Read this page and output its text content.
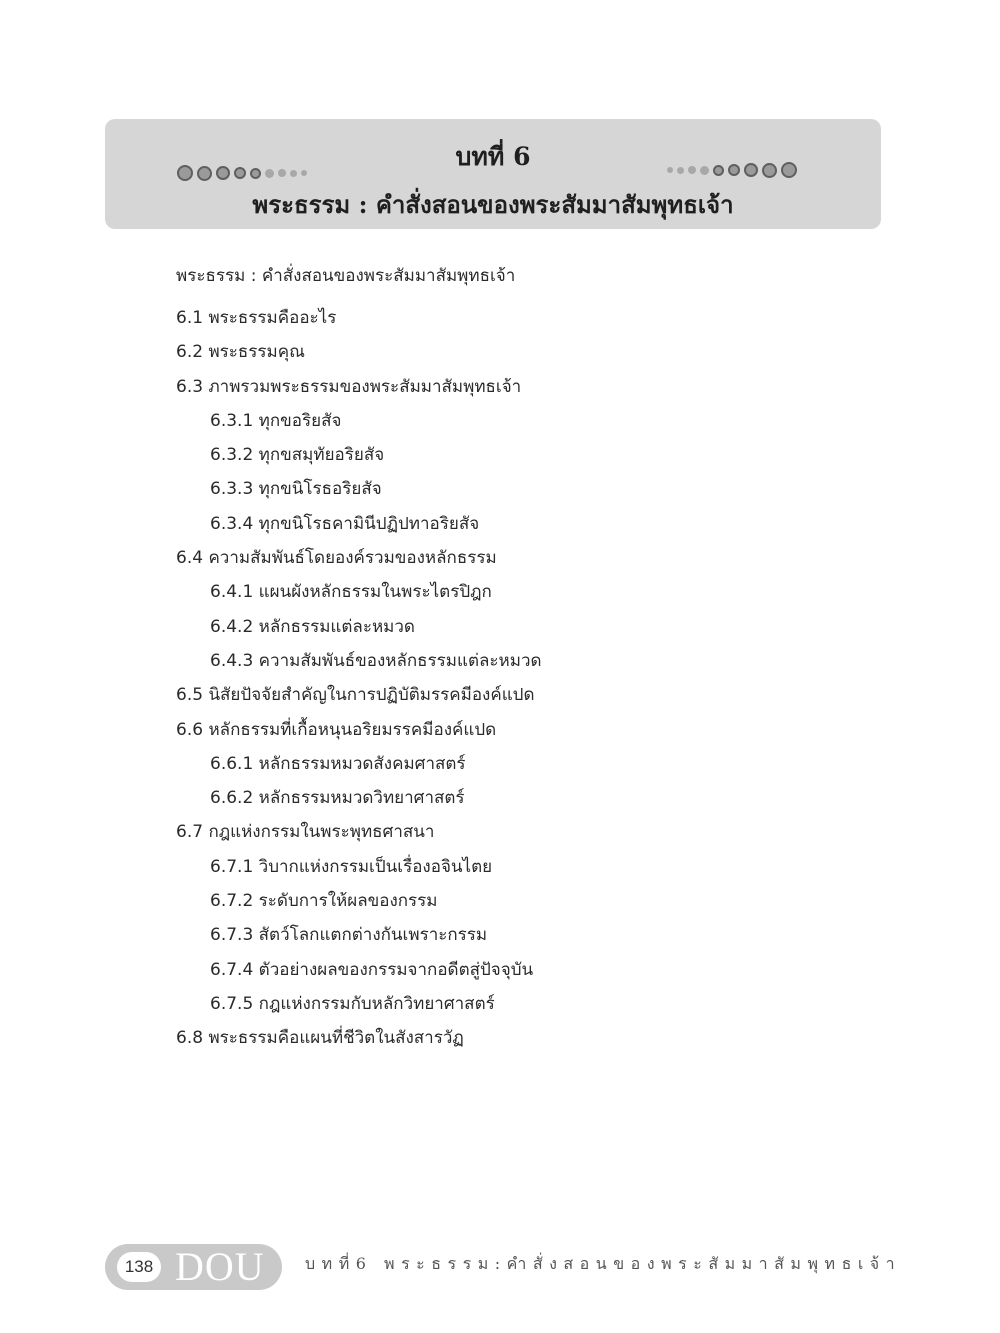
บทที่ 6
พระธรรม : คำสั่งสอนของพระสัมมาสัมพุทธเจ้า
พระธรรม : คำสั่งสอนของพระสัมมาสัมพุทธเจ้า
6.1 พระธรรมคืออะไร
6.2 พระธรรมคุณ
6.3 ภาพรวมพระธรรมของพระสัมมาสัมพุทธเจ้า
6.3.1 ทุกขอริยสัจ
6.3.2 ทุกขสมุทัยอริยสัจ
6.3.3 ทุกขนิโรธอริยสัจ
6.3.4 ทุกขนิโรธคามินีปฏิปทาอริยสัจ
6.4 ความสัมพันธ์โดยองค์รวมของหลักธรรม
6.4.1 แผนผังหลักธรรมในพระไตรปิฎก
6.4.2 หลักธรรมแต่ละหมวด
6.4.3 ความสัมพันธ์ของหลักธรรมแต่ละหมวด
6.5 นิสัยปัจจัยสำคัญในการปฏิบัติมรรคมีองค์แปด
6.6 หลักธรรมที่เกื้อหนุนอริยมรรคมีองค์แปด
6.6.1 หลักธรรมหมวดสังคมศาสตร์
6.6.2 หลักธรรมหมวดวิทยาศาสตร์
6.7 กฎแห่งกรรมในพระพุทธศาสนา
6.7.1 วิบากแห่งกรรมเป็นเรื่องอจินไตย
6.7.2 ระดับการให้ผลของกรรม
6.7.3 สัตว์โลกแตกต่างกันเพราะกรรม
6.7.4 ตัวอย่างผลของกรรมจากอดีตสู่ปัจจุบัน
6.7.5 กฎแห่งกรรมกับหลักวิทยาศาสตร์
6.8 พระธรรมคือแผนที่ชีวิตในสังสารวัฏ
138 DOU	บทที่6 พระธรรม:คำสั่งสอนของพระสัมมาสัมพุทธเจ้า
